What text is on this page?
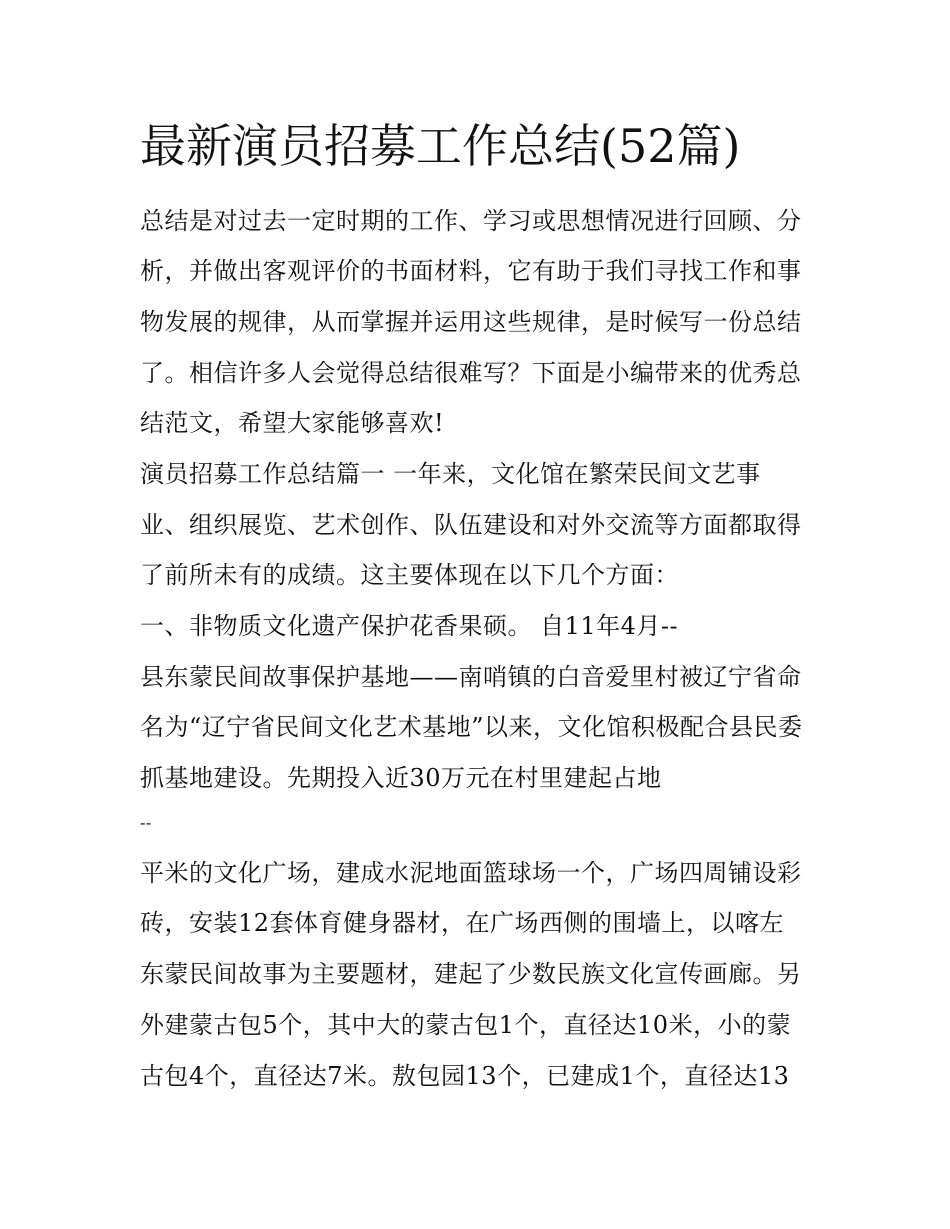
最新演员招募工作总结(52篇)
总结是对过去一定时期的工作、学习或思想情况进行回顾、分
析，并做出客观评价的书面材料，它有助于我们寻找工作和事
物发展的规律，从而掌握并运用这些规律，是时候写一份总结
了。相信许多人会觉得总结很难写？下面是小编带来的优秀总
结范文，希望大家能够喜欢!
演员招募工作总结篇一 一年来，文化馆在繁荣民间文艺事
业、组织展览、艺术创作、队伍建设和对外交流等方面都取得
了前所未有的成绩。这主要体现在以下几个方面：
一、非物质文化遗产保护花香果硕。 自11年4月--
县东蒙民间故事保护基地——南哨镇的白音爱里村被辽宁省命
名为“辽宁省民间文化艺术基地”以来，文化馆积极配合县民委
抓基地建设。先期投入近30万元在村里建起占地
--
平米的文化广场，建成水泥地面篮球场一个，广场四周铺设彩
砖，安装12套体育健身器材，在广场西侧的围墙上，以喀左
东蒙民间故事为主要题材，建起了少数民族文化宣传画廊。另
外建蒙古包5个，其中大的蒙古包1个，直径达10米，小的蒙
古包4个，直径达7米。敖包园13个，已建成1个，直径达13
